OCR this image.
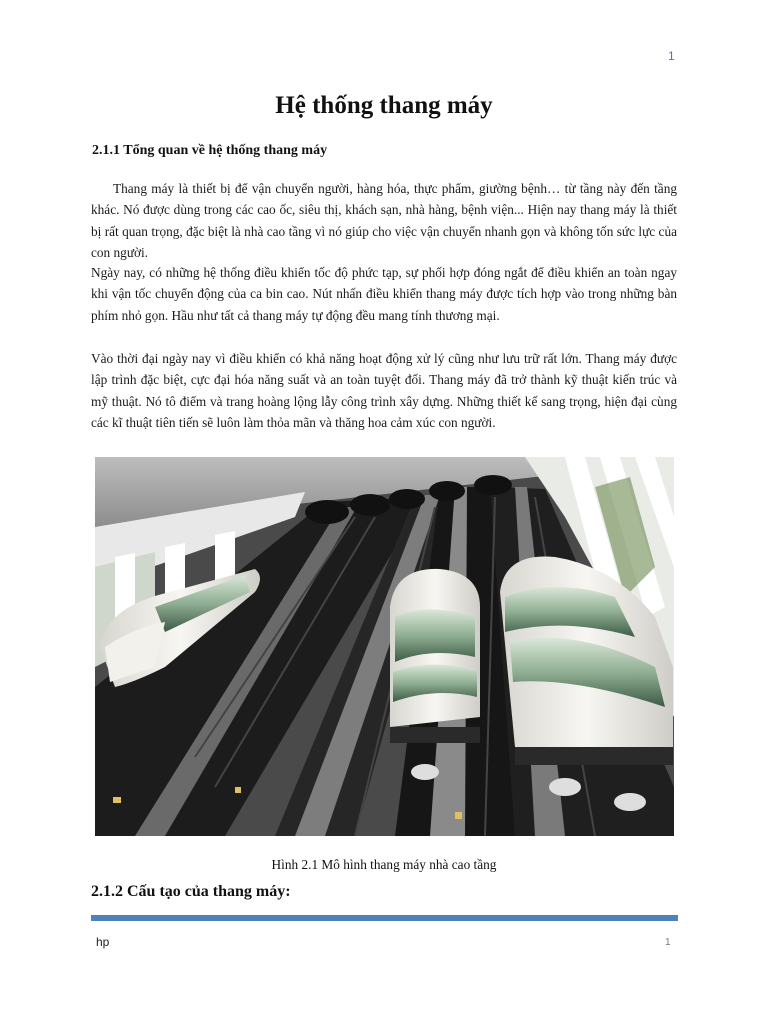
1
Hệ thống thang máy
2.1.1 Tổng quan về hệ thống thang máy

Thang máy là thiết bị để vận chuyển người, hàng hóa, thực phẩm, giường bệnh… từ tầng này đến tầng khác. Nó được dùng trong các cao ốc, siêu thị, khách sạn, nhà hàng, bệnh viện... Hiện nay thang máy là thiết bị rất quan trọng, đặc biệt là nhà cao tầng vì nó giúp cho việc vận chuyển nhanh gọn và không tốn sức lực của con người.

Ngày nay, có những hệ thống điều khiển tốc độ phức tạp, sự phối hợp đóng ngắt để điều khiển an toàn ngay khi vận tốc chuyển động của ca bin cao. Nút nhấn điều khiển thang máy được tích hợp vào trong những bàn phím nhỏ gọn. Hầu như tất cả thang máy tự động đều mang tính thương mại.

Vào thời đại ngày nay vì điều khiển có khả năng hoạt động xử lý cũng như lưu trữ rất lớn. Thang máy được lập trình đặc biệt, cực đại hóa năng suất và an toàn tuyệt đối. Thang máy đã trở thành kỹ thuật kiến trúc và mỹ thuật. Nó tô điểm và trang hoàng lộng lẫy công trình xây dựng. Những thiết kế sang trọng, hiện đại cùng các kĩ thuật tiên tiến sẽ luôn làm thỏa mãn và thăng hoa cảm xúc con người.

Hình 2.1 Mô hình thang máy nhà cao tầng

2.1.2 Cấu tạo của thang máy:
hp	1
